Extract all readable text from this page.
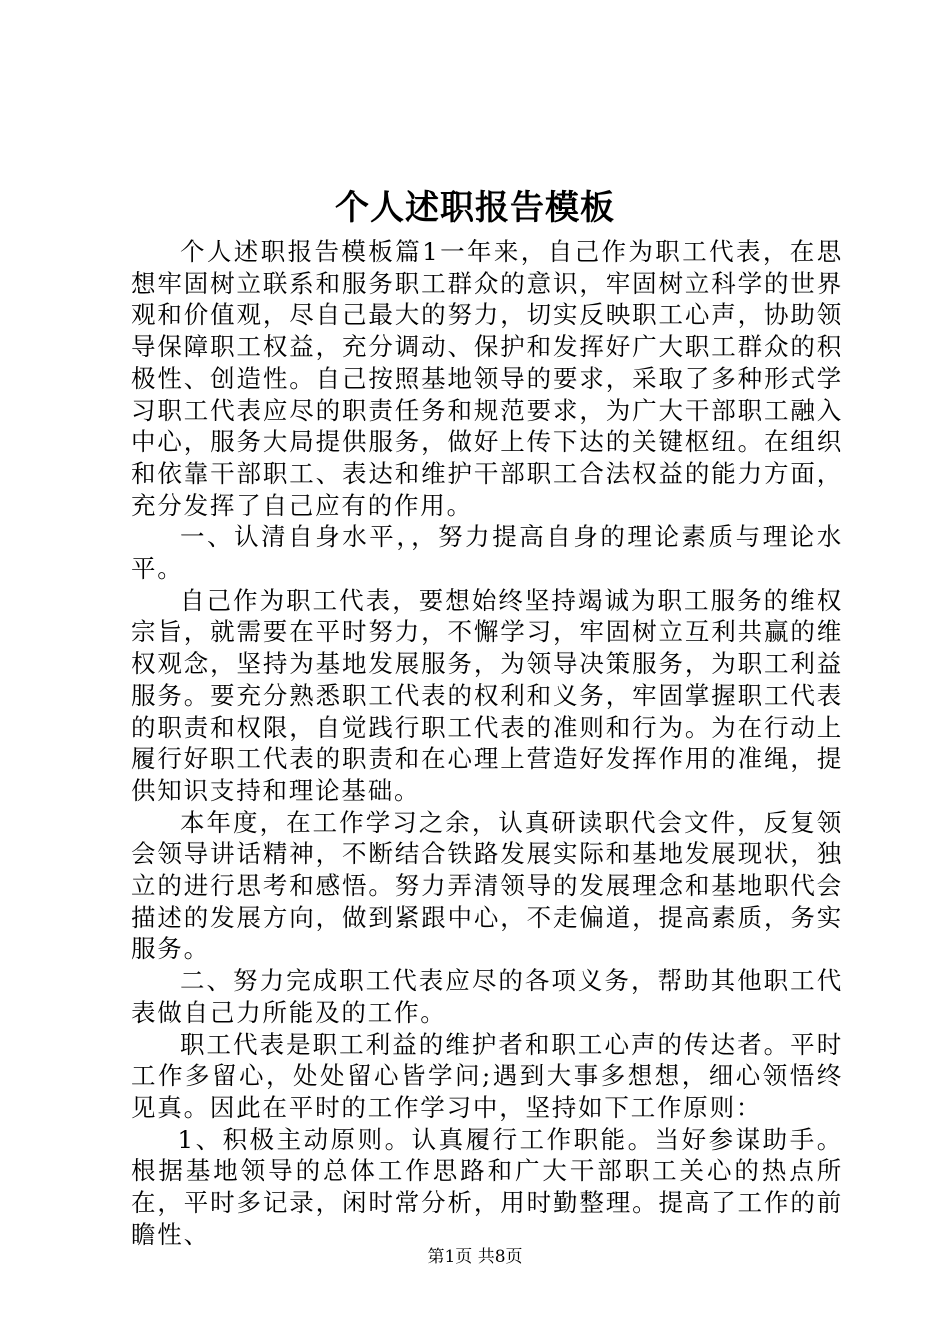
个人述职报告模板

个人述职报告模板篇1一年来，自己作为职工代表，在思想牢固树立联系和服务职工群众的意识，牢固树立科学的世界观和价值观，尽自己最大的努力，切实反映职工心声，协助领导保障职工权益，充分调动、保护和发挥好广大职工群众的积极性、创造性。自己按照基地领导的要求，采取了多种形式学习职工代表应尽的职责任务和规范要求，为广大干部职工融入中心，服务大局提供服务，做好上传下达的关键枢纽。在组织和依靠干部职工、表达和维护干部职工合法权益的能力方面，充分发挥了自己应有的作用。

一、认清自身水平，，努力提高自身的理论素质与理论水平。

自己作为职工代表，要想始终坚持竭诚为职工服务的维权宗旨，就需要在平时努力，不懈学习，牢固树立互利共赢的维权观念，坚持为基地发展服务，为领导决策服务，为职工利益服务。要充分熟悉职工代表的权利和义务，牢固掌握职工代表的职责和权限，自觉践行职工代表的准则和行为。为在行动上履行好职工代表的职责和在心理上营造好发挥作用的准绳，提供知识支持和理论基础。

本年度，在工作学习之余，认真研读职代会文件，反复领会领导讲话精神，不断结合铁路发展实际和基地发展现状，独立的进行思考和感悟。努力弄清领导的发展理念和基地职代会描述的发展方向，做到紧跟中心，不走偏道，提高素质，务实服务。

二、努力完成职工代表应尽的各项义务，帮助其他职工代表做自己力所能及的工作。

职工代表是职工利益的维护者和职工心声的传达者。平时工作多留心，处处留心皆学问;遇到大事多想想，细心领悟终见真。因此在平时的工作学习中，坚持如下工作原则：

1、积极主动原则。认真履行工作职能。当好参谋助手。根据基地领导的总体工作思路和广大干部职工关心的热点所在，平时多记录，闲时常分析，用时勤整理。提高了工作的前瞻性、

第1页 共8页
